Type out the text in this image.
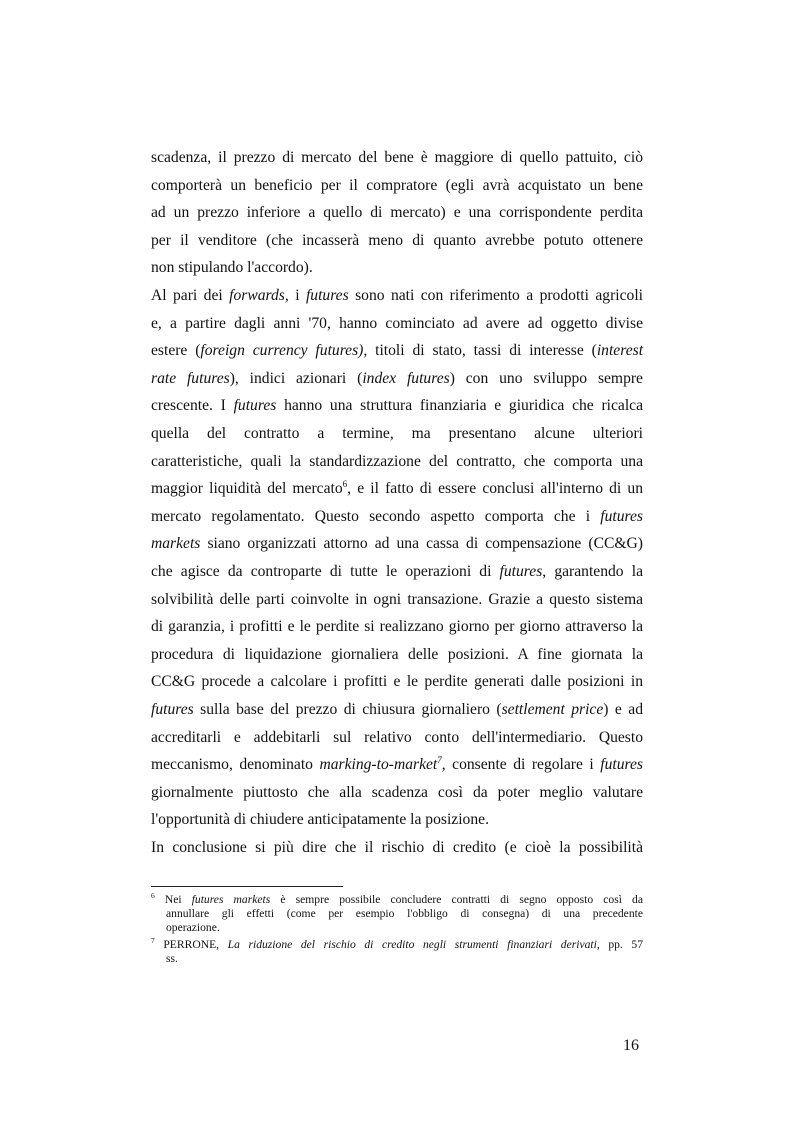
scadenza, il prezzo di mercato del bene è maggiore di quello pattuito, ciò
comporterà un beneficio per il compratore (egli avrà acquistato un bene
ad un prezzo inferiore a quello di mercato) e una corrispondente perdita
per il venditore (che incasserà meno di quanto avrebbe potuto ottenere
non stipulando l'accordo).
Al pari dei forwards, i futures sono nati con riferimento a prodotti agricoli
e, a partire dagli anni '70, hanno cominciato ad avere ad oggetto divise
estere (foreign currency futures), titoli di stato, tassi di interesse (interest
rate futures), indici azionari (index futures) con uno sviluppo sempre
crescente. I futures hanno una struttura finanziaria e giuridica che ricalca
quella del contratto a termine, ma presentano alcune ulteriori
caratteristiche, quali la standardizzazione del contratto, che comporta una
maggior liquidità del mercato$^6$, e il fatto di essere conclusi all'interno di un
mercato regolamentato. Questo secondo aspetto comporta che i futures
markets siano organizzati attorno ad una cassa di compensazione (CC&G)
che agisce da controparte di tutte le operazioni di futures, garantendo la
solvibilità delle parti coinvolte in ogni transazione. Grazie a questo sistema
di garanzia, i profitti e le perdite si realizzano giorno per giorno attraverso la
procedura di liquidazione giornaliera delle posizioni. A fine giornata la
CC&G procede a calcolare i profitti e le perdite generati dalle posizioni in
futures sulla base del prezzo di chiusura giornaliero (settlement price) e ad
accreditarli e addebitarli sul relativo conto dell'intermediario. Questo
meccanismo, denominato marking-to-market$^7$, consente di regolare i futures
giornalmente piuttosto che alla scadenza così da poter meglio valutare
l'opportunità di chiudere anticipatamente la posizione.
In conclusione si più dire che il rischio di credito (e cioè la possibilità
$^6$ Nei futures markets è sempre possibile concludere contratti di segno opposto così da
annullare gli effetti (come per esempio l'obbligo di consegna) di una precedente
operazione.
$^7$ PERRONE, La riduzione del rischio di credito negli strumenti finanziari derivati, pp. 57
ss.
16
